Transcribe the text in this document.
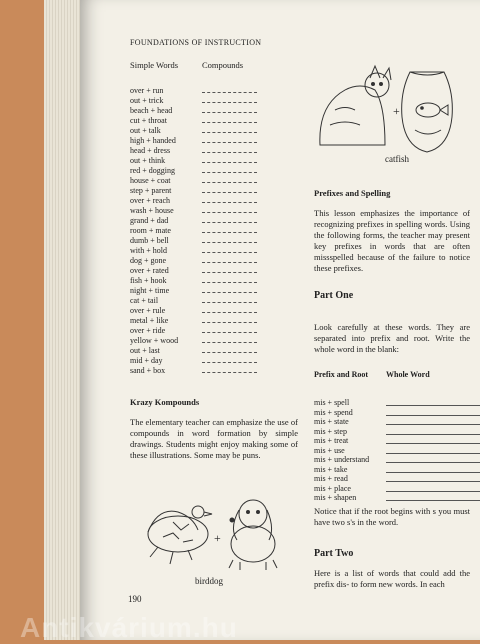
FOUNDATIONS OF INSTRUCTION
Simple Words	Compounds
over + run
out + trick
beach + head
cut + throat
out + talk
high + handed
head + dress
out + think
red + dogging
house + coat
step + parent
over + reach
wash + house
grand + dad
room + mate
dumb + bell
with + hold
dog + gone
over + rated
fish + hook
night + time
cat + tail
over + rule
metal + like
over + ride
yellow + wood
out + last
mid + day
sand + box
Krazy Kompounds
The elementary teacher can emphasize the use of compounds in word formation by simple drawings. Students might enjoy making some of these illustrations. Some may be puns.
+
birddog
190
+
catfish
Prefixes and Spelling
This lesson emphasizes the importance of recognizing prefixes in spelling words. Using the following forms, the teacher may present key prefixes in words that are often missspelled because of the failure to notice these prefixes.
Part One
Look carefully at these words. They are separated into prefix and root. Write the whole word in the blank:
Prefix and Root Whole Word
mis + spell
mis + spend
mis + state
mis + step
mis + treat
mis + use
mis + understand
mis + take
mis + read
mis + place
mis + shapen
Notice that if the root begins with s you must have two s's in the word.
Part Two
Here is a list of words that could add the prefix dis- to form new words. In each
Antikvárium.hu
